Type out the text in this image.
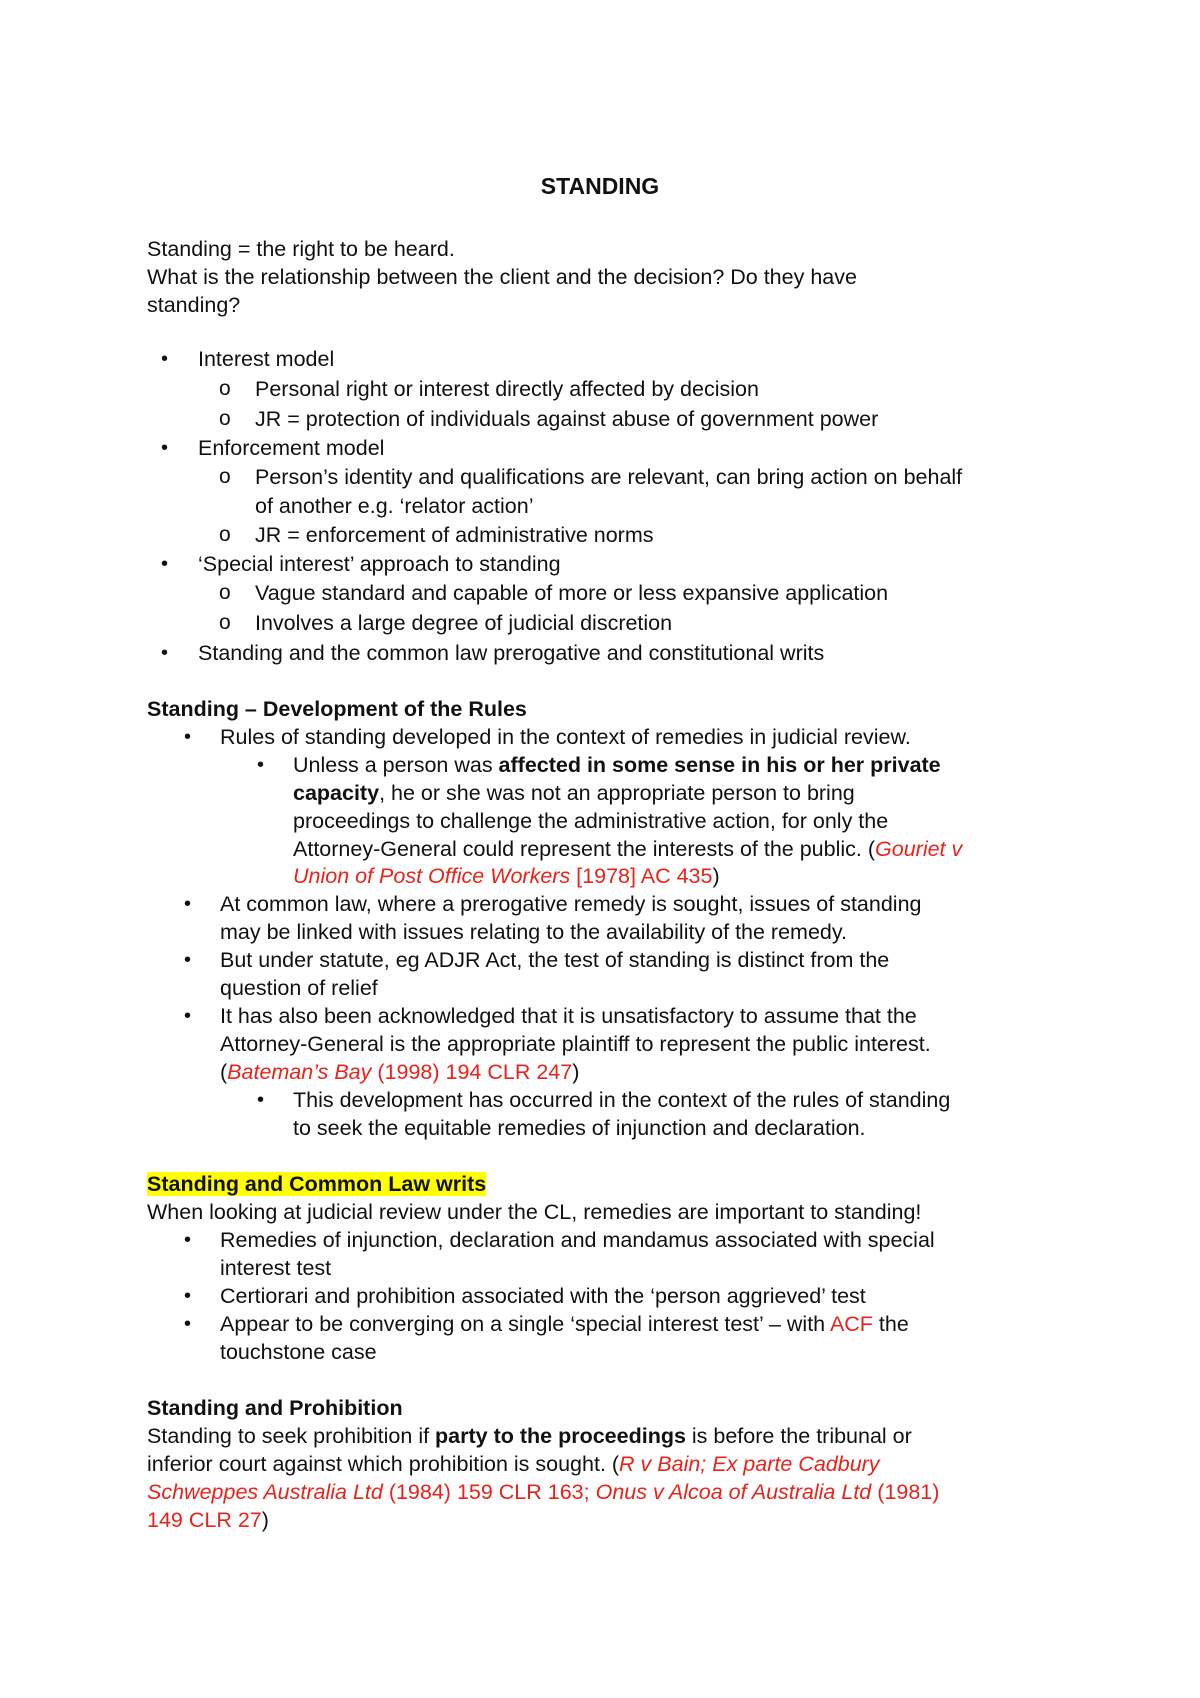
STANDING

Standing = the right to be heard.

What is the relationship between the client and the decision? Do they have

standing?

• Interest model

o Personal right or interest directly affected by decision

o JR = protection of individuals against abuse of government power

• Enforcement model

o Person’s identity and qualifications are relevant, can bring action on behalf

of another e.g. ‘relator action’

o JR = enforcement of administrative norms

• ‘Special interest’ approach to standing

o Vague standard and capable of more or less expansive application

o Involves a large degree of judicial discretion

• Standing and the common law prerogative and constitutional writs

Standing – Development of the Rules

• Rules of standing developed in the context of remedies in judicial review.

• Unless a person was affected in some sense in his or her private

capacity, he or she was not an appropriate person to bring

proceedings to challenge the administrative action, for only the

Attorney-General could represent the interests of the public. (Gouriet v

Union of Post Office Workers [1978] AC 435)

• At common law, where a prerogative remedy is sought, issues of standing

may be linked with issues relating to the availability of the remedy.

• But under statute, eg ADJR Act, the test of standing is distinct from the

question of relief

• It has also been acknowledged that it is unsatisfactory to assume that the

Attorney-General is the appropriate plaintiff to represent the public interest.

(Bateman’s Bay (1998) 194 CLR 247)

• This development has occurred in the context of the rules of standing

to seek the equitable remedies of injunction and declaration.

Standing and Common Law writs

When looking at judicial review under the CL, remedies are important to standing!

• Remedies of injunction, declaration and mandamus associated with special

interest test

• Certiorari and prohibition associated with the ‘person aggrieved’ test

• Appear to be converging on a single ‘special interest test’ – with ACF the

touchstone case

Standing and Prohibition

Standing to seek prohibition if party to the proceedings is before the tribunal or

inferior court against which prohibition is sought. (R v Bain; Ex parte Cadbury

Schweppes Australia Ltd (1984) 159 CLR 163; Onus v Alcoa of Australia Ltd (1981)

149 CLR 27)
